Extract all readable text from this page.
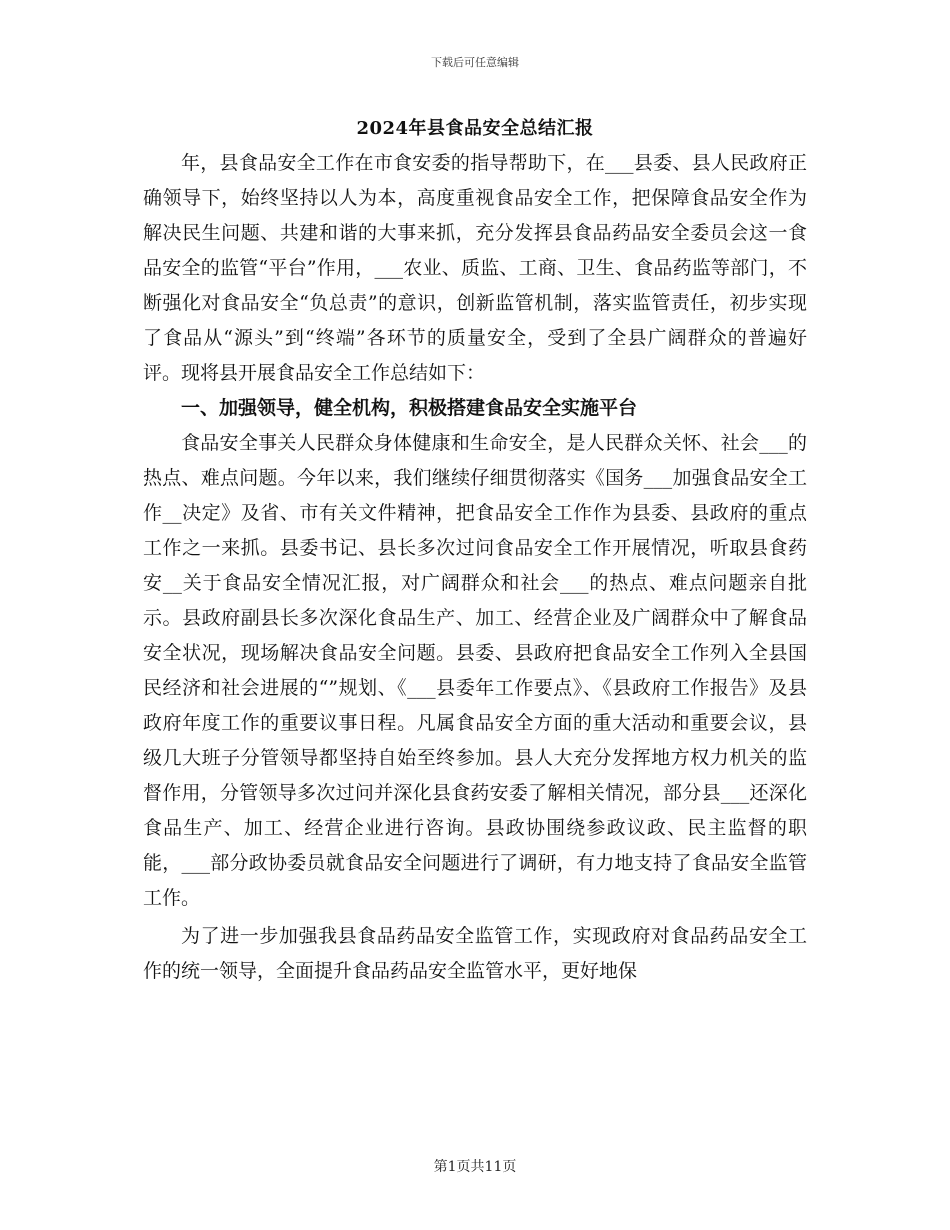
下载后可任意编辑
2024年县食品安全总结汇报

年，县食品安全工作在市食安委的指导帮助下，在___县委、县人民政府正确领导下，始终坚持以人为本，高度重视食品安全工作，把保障食品安全作为解决民生问题、共建和谐的大事来抓，充分发挥县食品药品安全委员会这一食品安全的监管“平台”作用，___农业、质监、工商、卫生、食品药监等部门，不断强化对食品安全“负总责”的意识，创新监管机制，落实监管责任，初步实现了食品从“源头”到“终端”各环节的质量安全，受到了全县广阔群众的普遍好评。现将县开展食品安全工作总结如下：

一、加强领导，健全机构，积极搭建食品安全实施平台

食品安全事关人民群众身体健康和生命安全，是人民群众关怀、社会___的热点、难点问题。今年以来，我们继续仔细贯彻落实《国务___加强食品安全工作__决定》及省、市有关文件精神，把食品安全工作作为县委、县政府的重点工作之一来抓。县委书记、县长多次过问食品安全工作开展情况，听取县食药安__关于食品安全情况汇报，对广阔群众和社会___的热点、难点问题亲自批示。县政府副县长多次深化食品生产、加工、经营企业及广阔群众中了解食品安全状况，现场解决食品安全问题。县委、县政府把食品安全工作列入全县国民经济和社会进展的“”规划、《___县委年工作要点》、《县政府工作报告》及县政府年度工作的重要议事日程。凡属食品安全方面的重大活动和重要会议，县级几大班子分管领导都坚持自始至终参加。县人大充分发挥地方权力机关的监督作用，分管领导多次过问并深化县食药安委了解相关情况，部分县___还深化食品生产、加工、经营企业进行咨询。县政协围绕参政议政、民主监督的职能，___部分政协委员就食品安全问题进行了调研，有力地支持了食品安全监管工作。

为了进一步加强我县食品药品安全监管工作，实现政府对食品药品安全工作的统一领导，全面提升食品药品安全监管水平，更好地保

第1页共11页
